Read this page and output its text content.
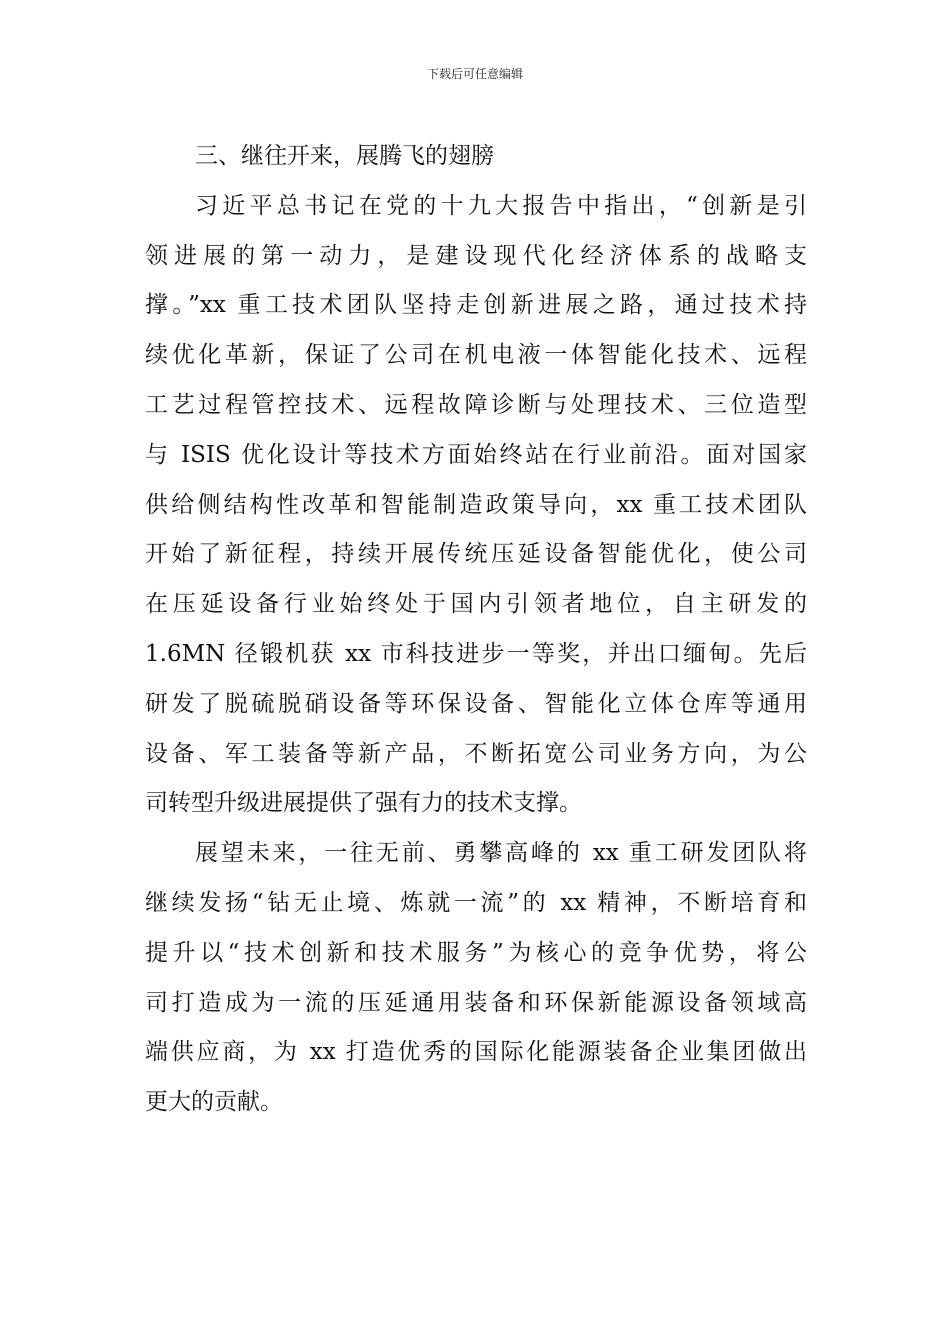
下载后可任意编辑
三、继往开来，展腾飞的翅膀
习近平总书记在党的十九大报告中指出，“创新是引
领进展的第一动力，是建设现代化经济体系的战略支
撑。”xx 重工技术团队坚持走创新进展之路，通过技术持
续优化革新，保证了公司在机电液一体智能化技术、远程
工艺过程管控技术、远程故障诊断与处理技术、三位造型
与 ISIS 优化设计等技术方面始终站在行业前沿。面对国家
供给侧结构性改革和智能制造政策导向，xx 重工技术团队
开始了新征程，持续开展传统压延设备智能优化，使公司
在压延设备行业始终处于国内引领者地位，自主研发的
1.6MN 径锻机获 xx 市科技进步一等奖，并出口缅甸。先后
研发了脱硫脱硝设备等环保设备、智能化立体仓库等通用
设备、军工装备等新产品，不断拓宽公司业务方向，为公
司转型升级进展提供了强有力的技术支撑。
展望未来，一往无前、勇攀高峰的 xx 重工研发团队将
继续发扬“钻无止境、炼就一流”的 xx 精神，不断培育和
提升以“技术创新和技术服务”为核心的竞争优势，将公
司打造成为一流的压延通用装备和环保新能源设备领域高
端供应商，为 xx 打造优秀的国际化能源装备企业集团做出
更大的贡献。
